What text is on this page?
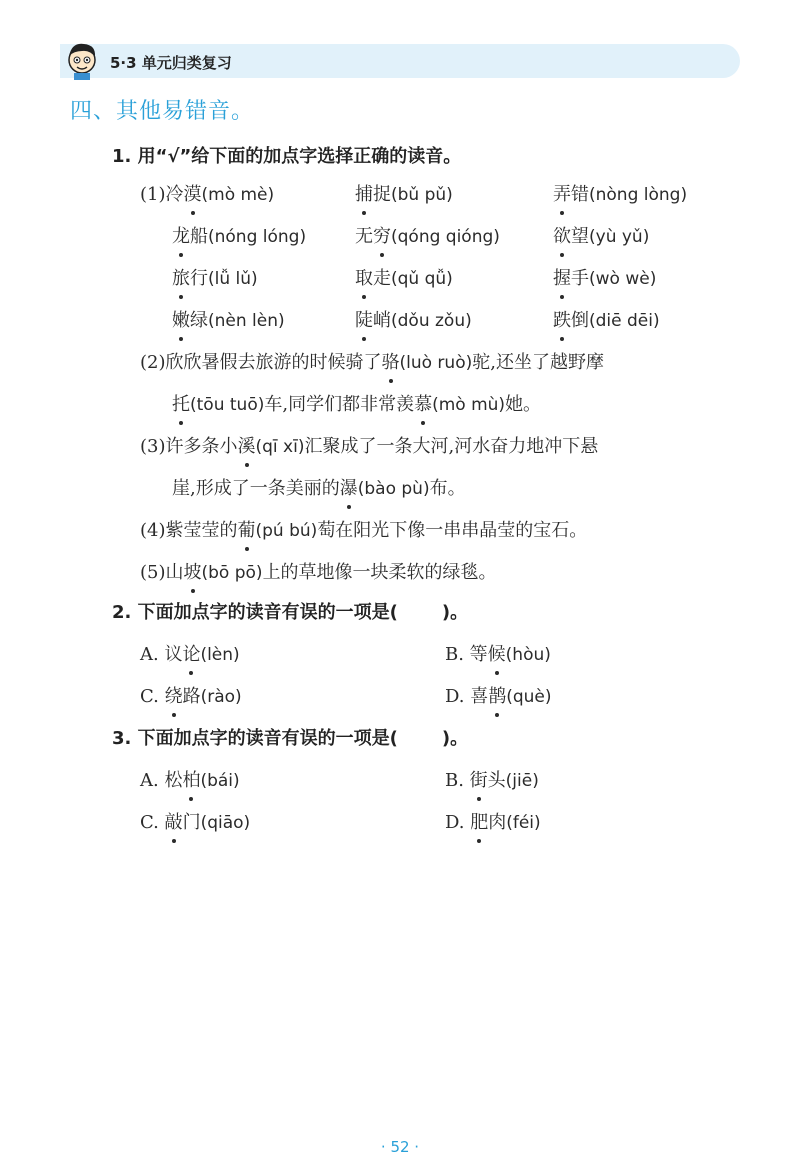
5·3 单元归类复习
四、其他易错音。
1. 用“√”给下面的加点字选择正确的读音。
(1)冷漠(mò mè)	捕捉(bǔ pǔ)	弄错(nòng lòng)
龙船(nóng lóng)	无穷(qóng qióng)	欲望(yù yǔ)
旅行(lǚ lǔ)	取走(qǔ qǚ)	握手(wò wè)
嫩绿(nèn lèn)	陡峭(dǒu zǒu)	跌倒(diē dēi)
(2)欣欣暑假去旅游的时候骑了骆(luò ruò)驼,还坐了越野摩
托(tōu tuō)车,同学们都非常羡慕(mò mù)她。
(3)许多条小溪(qī xī)汇聚成了一条大河,河水奋力地冲下悬
崖,形成了一条美丽的瀑(bào pù)布。
(4)紫莹莹的葡(pú bú)萄在阳光下像一串串晶莹的宝石。
(5)山坡(bō pō)上的草地像一块柔软的绿毯。
2. 下面加点字的读音有误的一项是( )。
A. 议论(lèn)	B. 等候(hòu)
C. 绕路(rào)	D. 喜鹊(què)
3. 下面加点字的读音有误的一项是( )。
A. 松柏(bái)	B. 街头(jiē)
C. 敲门(qiāo)	D. 肥肉(féi)
· 52 ·
